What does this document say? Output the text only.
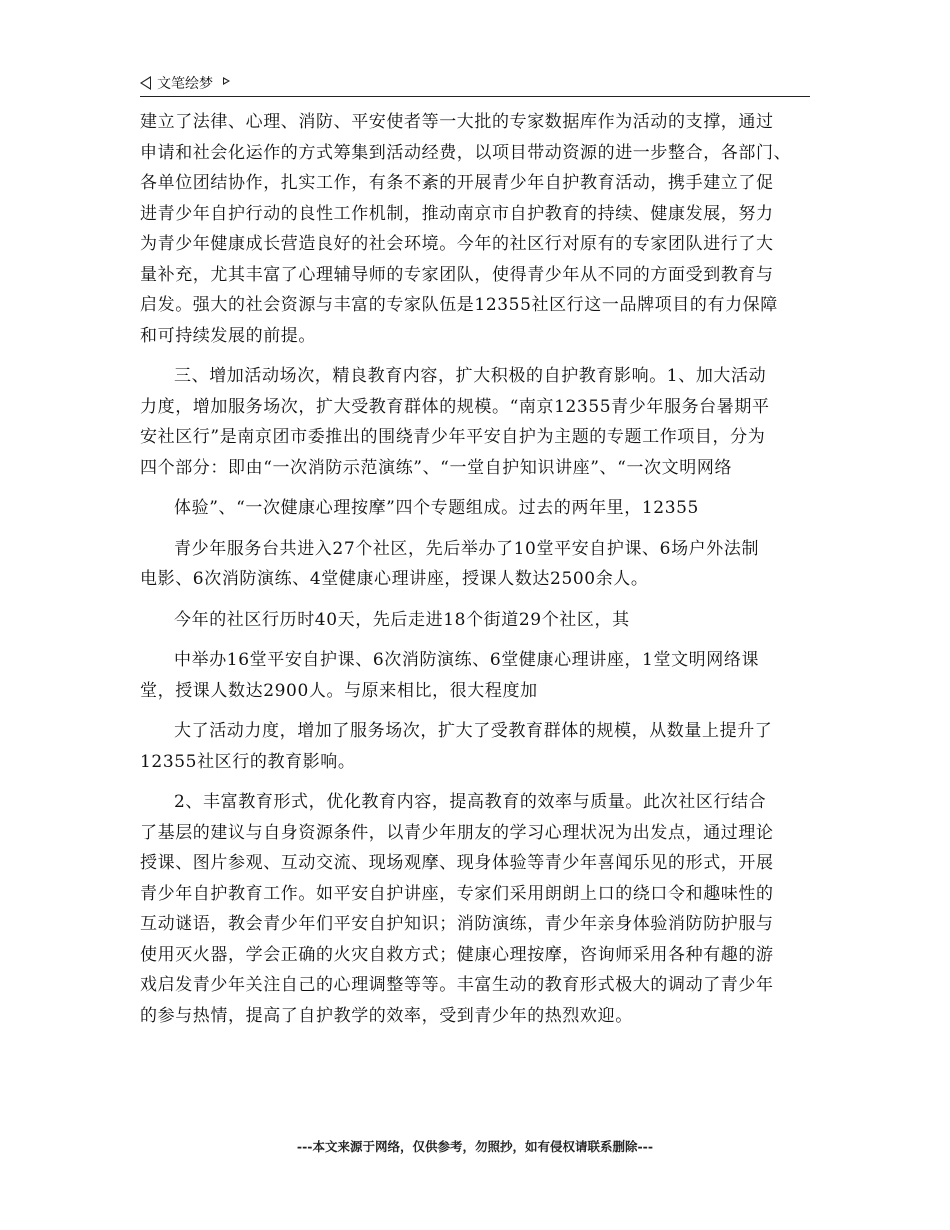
文笔绘梦
建立了法律、心理、消防、平安使者等一大批的专家数据库作为活动的支撑，通过
申请和社会化运作的方式筹集到活动经费，以项目带动资源的进一步整合，各部门、
各单位团结协作，扎实工作，有条不紊的开展青少年自护教育活动，携手建立了促
进青少年自护行动的良性工作机制，推动南京市自护教育的持续、健康发展，努力
为青少年健康成长营造良好的社会环境。今年的社区行对原有的专家团队进行了大
量补充，尤其丰富了心理辅导师的专家团队，使得青少年从不同的方面受到教育与
启发。强大的社会资源与丰富的专家队伍是12355社区行这一品牌项目的有力保障
和可持续发展的前提。
三、增加活动场次，精良教育内容，扩大积极的自护教育影响。1、加大活动
力度，增加服务场次，扩大受教育群体的规模。“南京12355青少年服务台暑期平
安社区行”是南京团市委推出的围绕青少年平安自护为主题的专题工作项目，分为
四个部分：即由“一次消防示范演练”、“一堂自护知识讲座”、“一次文明网络
体验”、“一次健康心理按摩”四个专题组成。过去的两年里，12355
青少年服务台共进入27个社区，先后举办了10堂平安自护课、6场户外法制
电影、6次消防演练、4堂健康心理讲座，授课人数达2500余人。
今年的社区行历时40天，先后走进18个街道29个社区，其
中举办16堂平安自护课、6次消防演练、6堂健康心理讲座，1堂文明网络课
堂，授课人数达2900人。与原来相比，很大程度加
大了活动力度，增加了服务场次，扩大了受教育群体的规模，从数量上提升了
12355社区行的教育影响。
2、丰富教育形式，优化教育内容，提高教育的效率与质量。此次社区行结合
了基层的建议与自身资源条件，以青少年朋友的学习心理状况为出发点，通过理论
授课、图片参观、互动交流、现场观摩、现身体验等青少年喜闻乐见的形式，开展
青少年自护教育工作。如平安自护讲座，专家们采用朗朗上口的绕口令和趣味性的
互动谜语，教会青少年们平安自护知识；消防演练，青少年亲身体验消防防护服与
使用灭火器，学会正确的火灾自救方式；健康心理按摩，咨询师采用各种有趣的游
戏启发青少年关注自己的心理调整等等。丰富生动的教育形式极大的调动了青少年
的参与热情，提高了自护教学的效率，受到青少年的热烈欢迎。
---本文来源于网络，仅供参考，勿照抄，如有侵权请联系删除---
